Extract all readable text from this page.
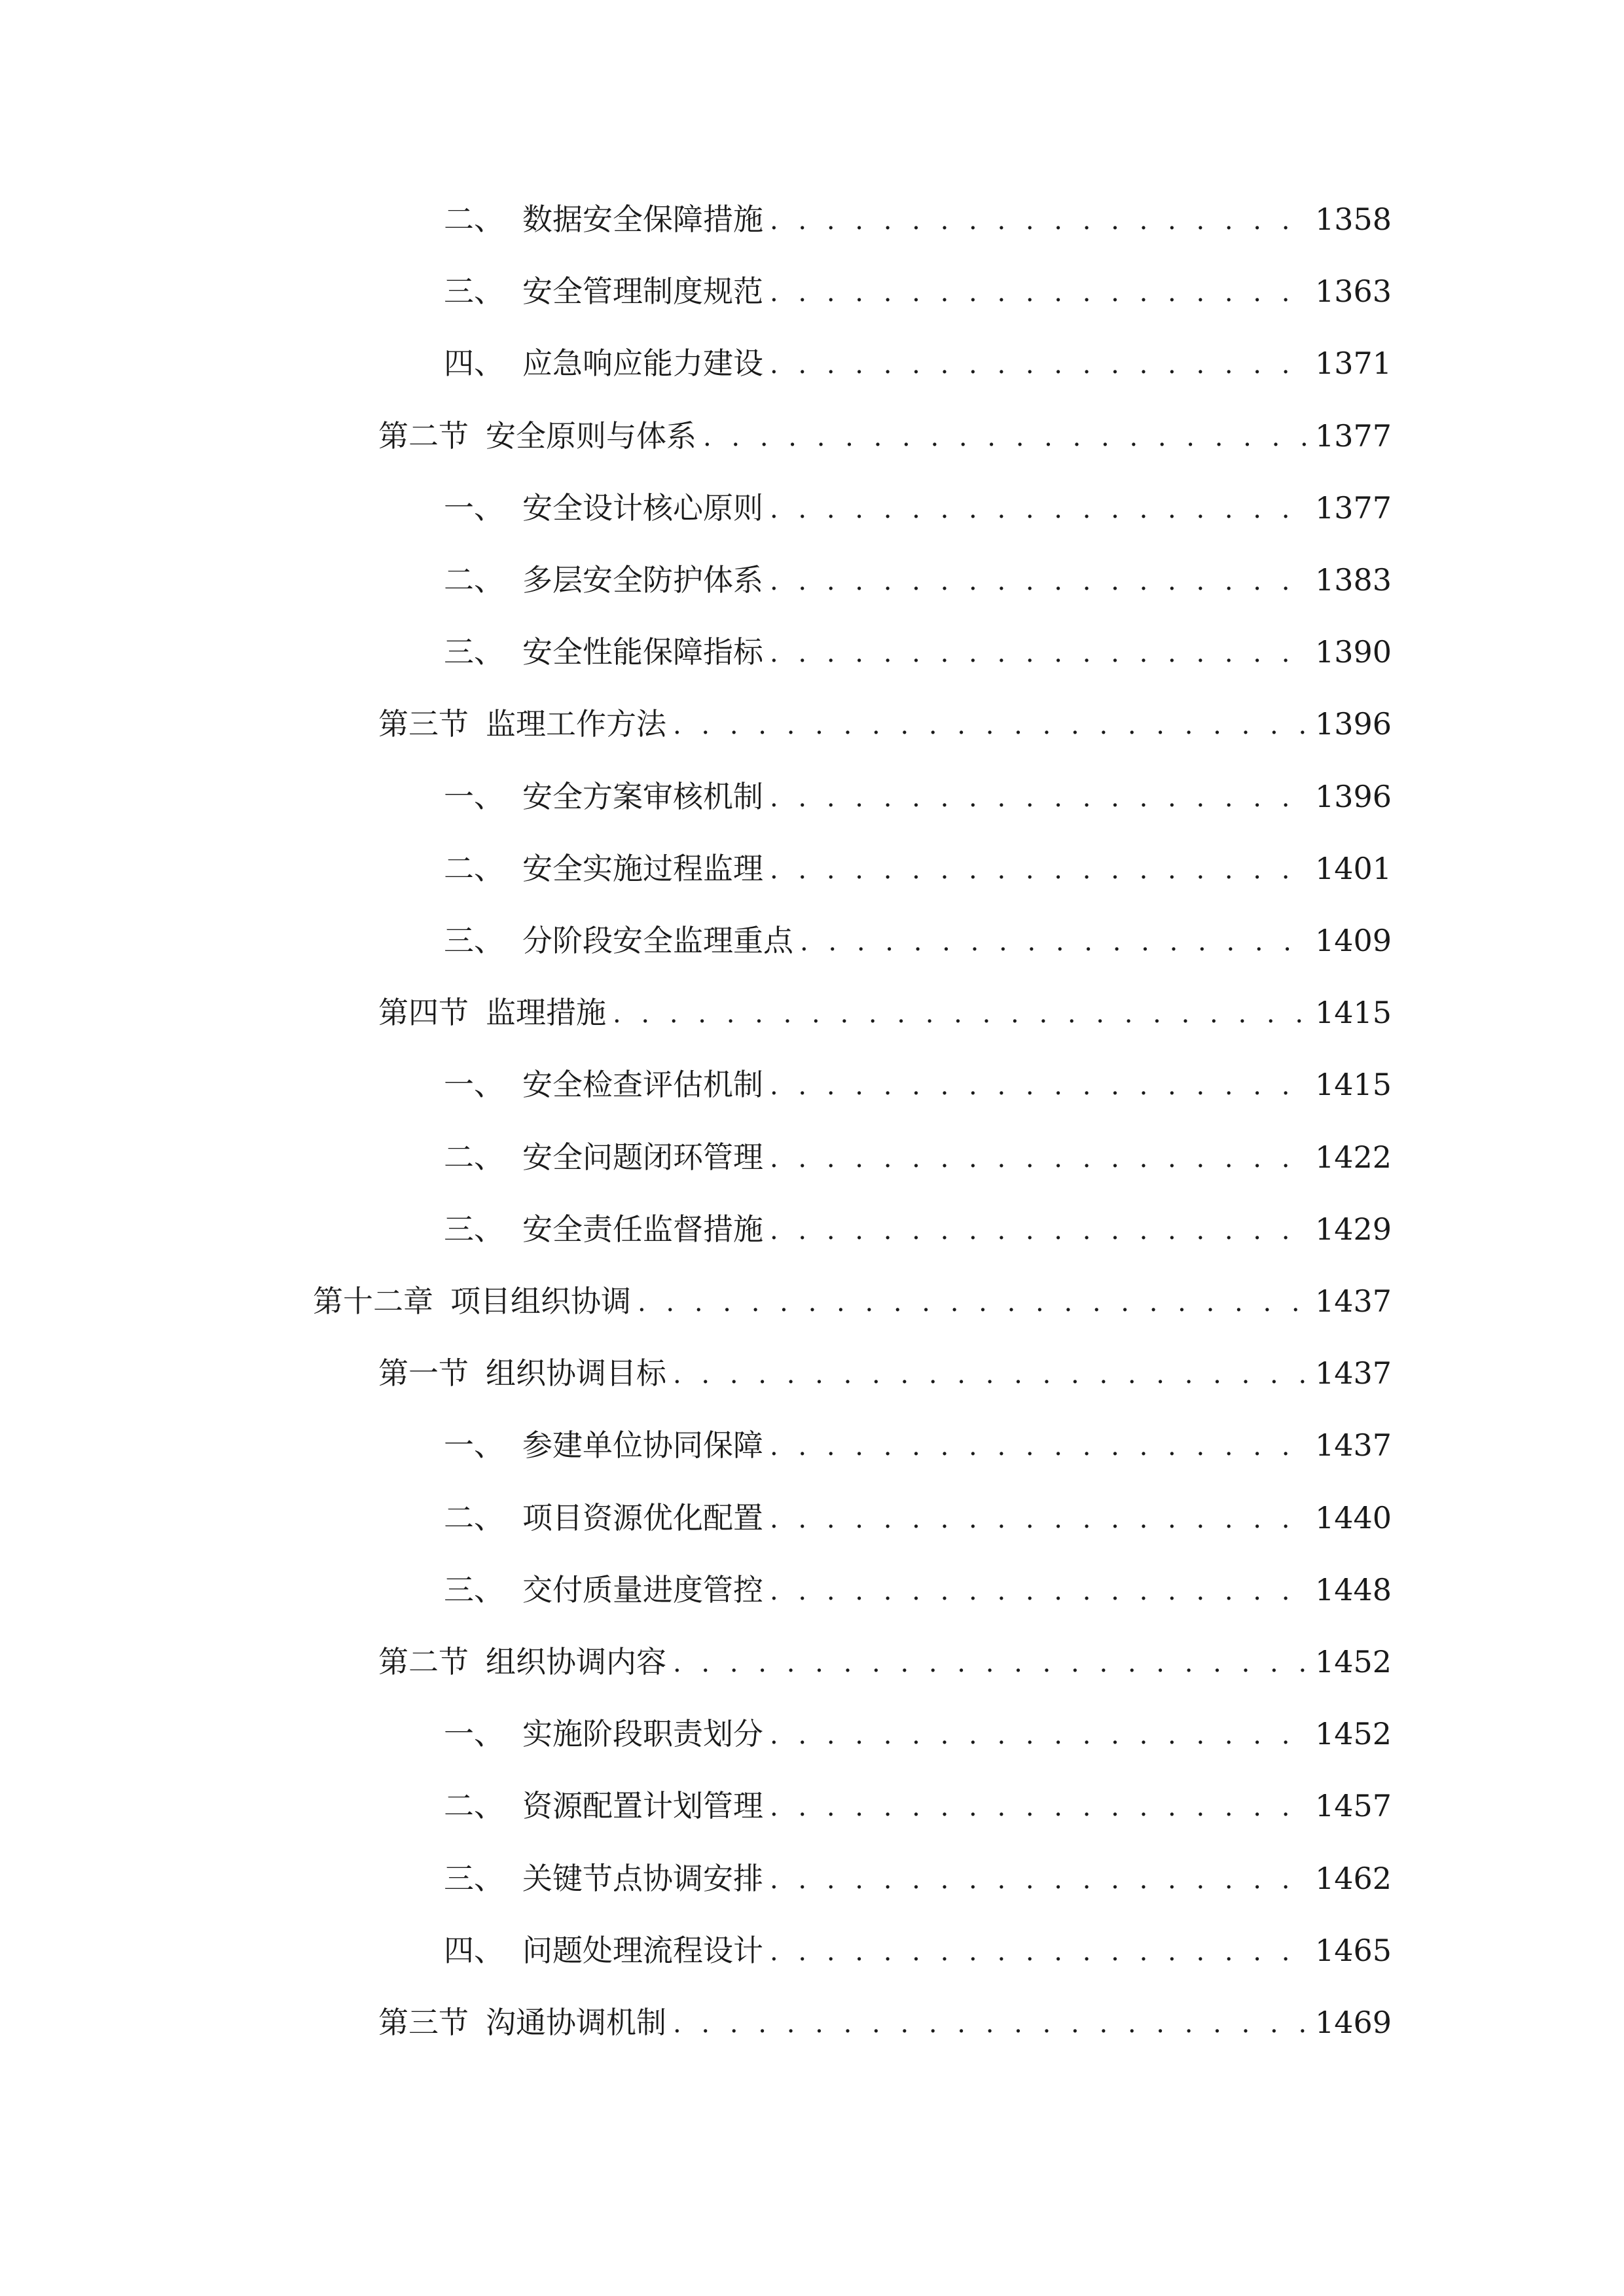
二、 数据安全保障措施 . . .	1358
三、 安全管理制度规范 . . .	1363
四、 应急响应能力建设 . . .	1371
第二节 安全原则与体系 . . .	1377
一、 安全设计核心原则 . . .	1377
二、 多层安全防护体系 . . .	1383
三、 安全性能保障指标 . . .	1390
第三节 监理工作方法 . . .	1396
一、 安全方案审核机制 . . .	1396
二、 安全实施过程监理 . . .	1401
三、 分阶段安全监理重点 . . .	1409
第四节 监理措施 . . .	1415
一、 安全检查评估机制 . . .	1415
二、 安全问题闭环管理 . . .	1422
三、 安全责任监督措施 . . .	1429
第十二章 项目组织协调 . . .	1437
第一节 组织协调目标 . . .	1437
一、 参建单位协同保障 . . .	1437
二、 项目资源优化配置 . . .	1440
三、 交付质量进度管控 . . .	1448
第二节 组织协调内容 . . .	1452
一、 实施阶段职责划分 . . .	1452
二、 资源配置计划管理 . . .	1457
三、 关键节点协调安排 . . .	1462
四、 问题处理流程设计 . . .	1465
第三节 沟通协调机制 . . .	1469
